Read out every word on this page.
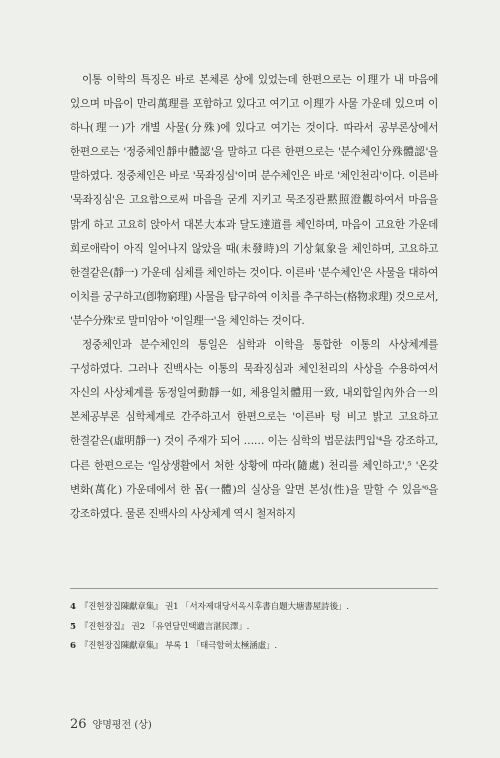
이통 이학의 특징은 바로 본체론 상에 있었는데 한편으로는 이理가 내 마음에 있으며 마음이 만리萬理를 포함하고 있다고 여기고 이理가 사물 가운데 있으며 이 하나(理一)가 개별 사물(分殊)에 있다고 여기는 것이다. 따라서 공부론상에서 한편으로는 '정중체인靜中體認'을 말하고 다른 한편으로는 '분수체인分殊體認'을 말하였다. 정중체인은 바로 '묵좌징심'이며 분수체인은 바로 '체인천리'이다. 이른바 '묵좌징심'은 고요함으로써 마음을 굳게 지키고 묵조징관黙照澄觀하여서 마음을 맑게 하고 고요히 앉아서 대본大本과 달도達道를 체인하며, 마음이 고요한 가운데 희로애락이 아직 일어나지 않았을 때(未發時)의 기상氣象을 체인하며, 고요하고 한결같은(靜一) 가운데 심체를 체인하는 것이다. 이른바 '분수체인'은 사물을 대하여 이치를 궁구하고(卽物窮理) 사물을 탐구하여 이치를 추구하는(格物求理) 것으로서, '분수分殊'로 말미암아 '이일理一'을 체인하는 것이다.

정중체인과 분수체인의 통일은 심학과 이학을 통합한 이통의 사상체계를 구성하였다. 그러나 진백사는 이통의 묵좌징심과 체인천리의 사상을 수용하여서 자신의 사상체계를 동정일여動靜一如, 체용일치體用一致, 내외합일內外合一의 본체공부론 심학체계로 간주하고서 한편으로는 '이른바 텅 비고 밝고 고요하고 한결같은(虛明靜一) 것이 주재가 되어 …… 이는 심학의 법문法門입'⁴을 강조하고, 다른 한편으로는 '일상생활에서 처한 상황에 따라(隨處) 천리를 체인하고',⁵ '온갖 변화(萬化) 가운데에서 한 몸(一體)의 실상을 알면 본성(性)을 말할 수 있음'⁶을 강조하였다. 물론 진백사의 사상체계 역시 철저하지

4 『진헌장집陳獻章集』 권1 「서자제대당서옥시후書自題大塘書屋詩後」.

5 『진헌장집』 권2 「유연담민택遺言湛民澤」.

6 『진헌장집陳獻章集』 부록 1 「태극함허太極涵虛」.

26 양명평전 (상)
